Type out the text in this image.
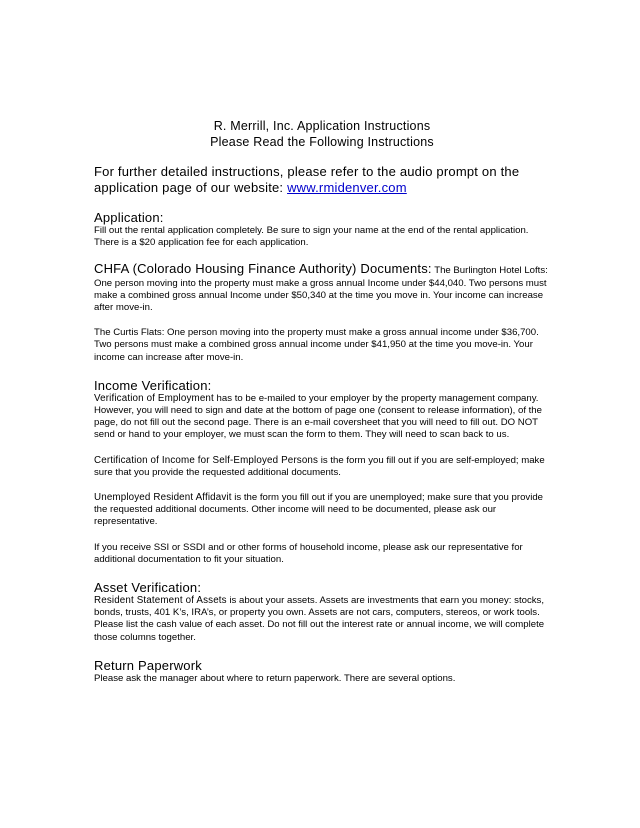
R. Merrill, Inc. Application Instructions
Please Read the Following Instructions
For further detailed instructions, please refer to the audio prompt on the application page of our website: www.rmidenver.com
Application:
Fill out the rental application completely. Be sure to sign your name at the end of the rental application. There is a $20 application fee for each application.
CHFA (Colorado Housing Finance Authority) Documents: The Burlington Hotel Lofts: One person moving into the property must make a gross annual Income under $44,040. Two persons must make a combined gross annual Income under $50,340 at the time you move in. Your income can increase after move-in.
The Curtis Flats: One person moving into the property must make a gross annual income under $36,700. Two persons must make a combined gross annual income under $41,950 at the time you move-in. Your income can increase after move-in.
Income Verification:
Verification of Employment has to be e-mailed to your employer by the property management company. However, you will need to sign and date at the bottom of page one (consent to release information), of the page, do not fill out the second page. There is an e-mail coversheet that you will need to fill out. DO NOT send or hand to your employer, we must scan the form to them. They will need to scan back to us.
Certification of Income for Self-Employed Persons is the form you fill out if you are self-employed; make sure that you provide the requested additional documents.
Unemployed Resident Affidavit is the form you fill out if you are unemployed; make sure that you provide the requested additional documents. Other income will need to be documented, please ask our representative.
If you receive SSI or SSDI and or other forms of household income, please ask our representative for additional documentation to fit your situation.
Asset Verification:
Resident Statement of Assets is about your assets. Assets are investments that earn you money: stocks, bonds, trusts, 401 K’s, IRA’s, or property you own. Assets are not cars, computers, stereos, or work tools. Please list the cash value of each asset. Do not fill out the interest rate or annual income, we will complete those columns together.
Return Paperwork
Please ask the manager about where to return paperwork. There are several options.
